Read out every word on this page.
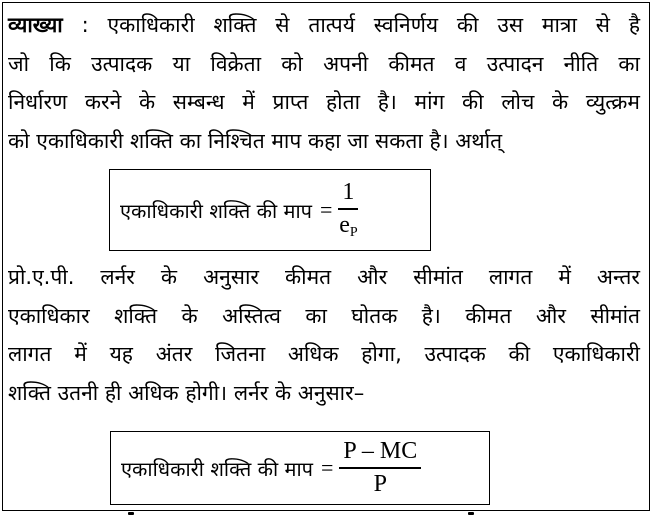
व्याख्या : एकाधिकारी शक्ति से तात्पर्य स्वनिर्णय की उस मात्रा से है
जो कि उत्पादक या विक्रेता को अपनी कीमत व उत्पादन नीति का
निर्धारण करने के सम्बन्ध में प्राप्त होता है। मांग की लोच के व्युत्क्रम
को एकाधिकारी शक्ति का निश्चित माप कहा जा सकता है। अर्थात्
एकाधिकारी शक्ति की माप = $\frac{1}{e_P}$
प्रो.ए.पी. लर्नर के अनुसार कीमत और सीमांत लागत में अन्तर
एकाधिकार शक्ति के अस्तित्व का घोतक है। कीमत और सीमांत
लागत में यह अंतर जितना अधिक होगा, उत्पादक की एकाधिकारी
शक्ति उतनी ही अधिक होगी। लर्नर के अनुसार–
एकाधिकारी शक्ति की माप = $\frac{P - MC}{P}$
